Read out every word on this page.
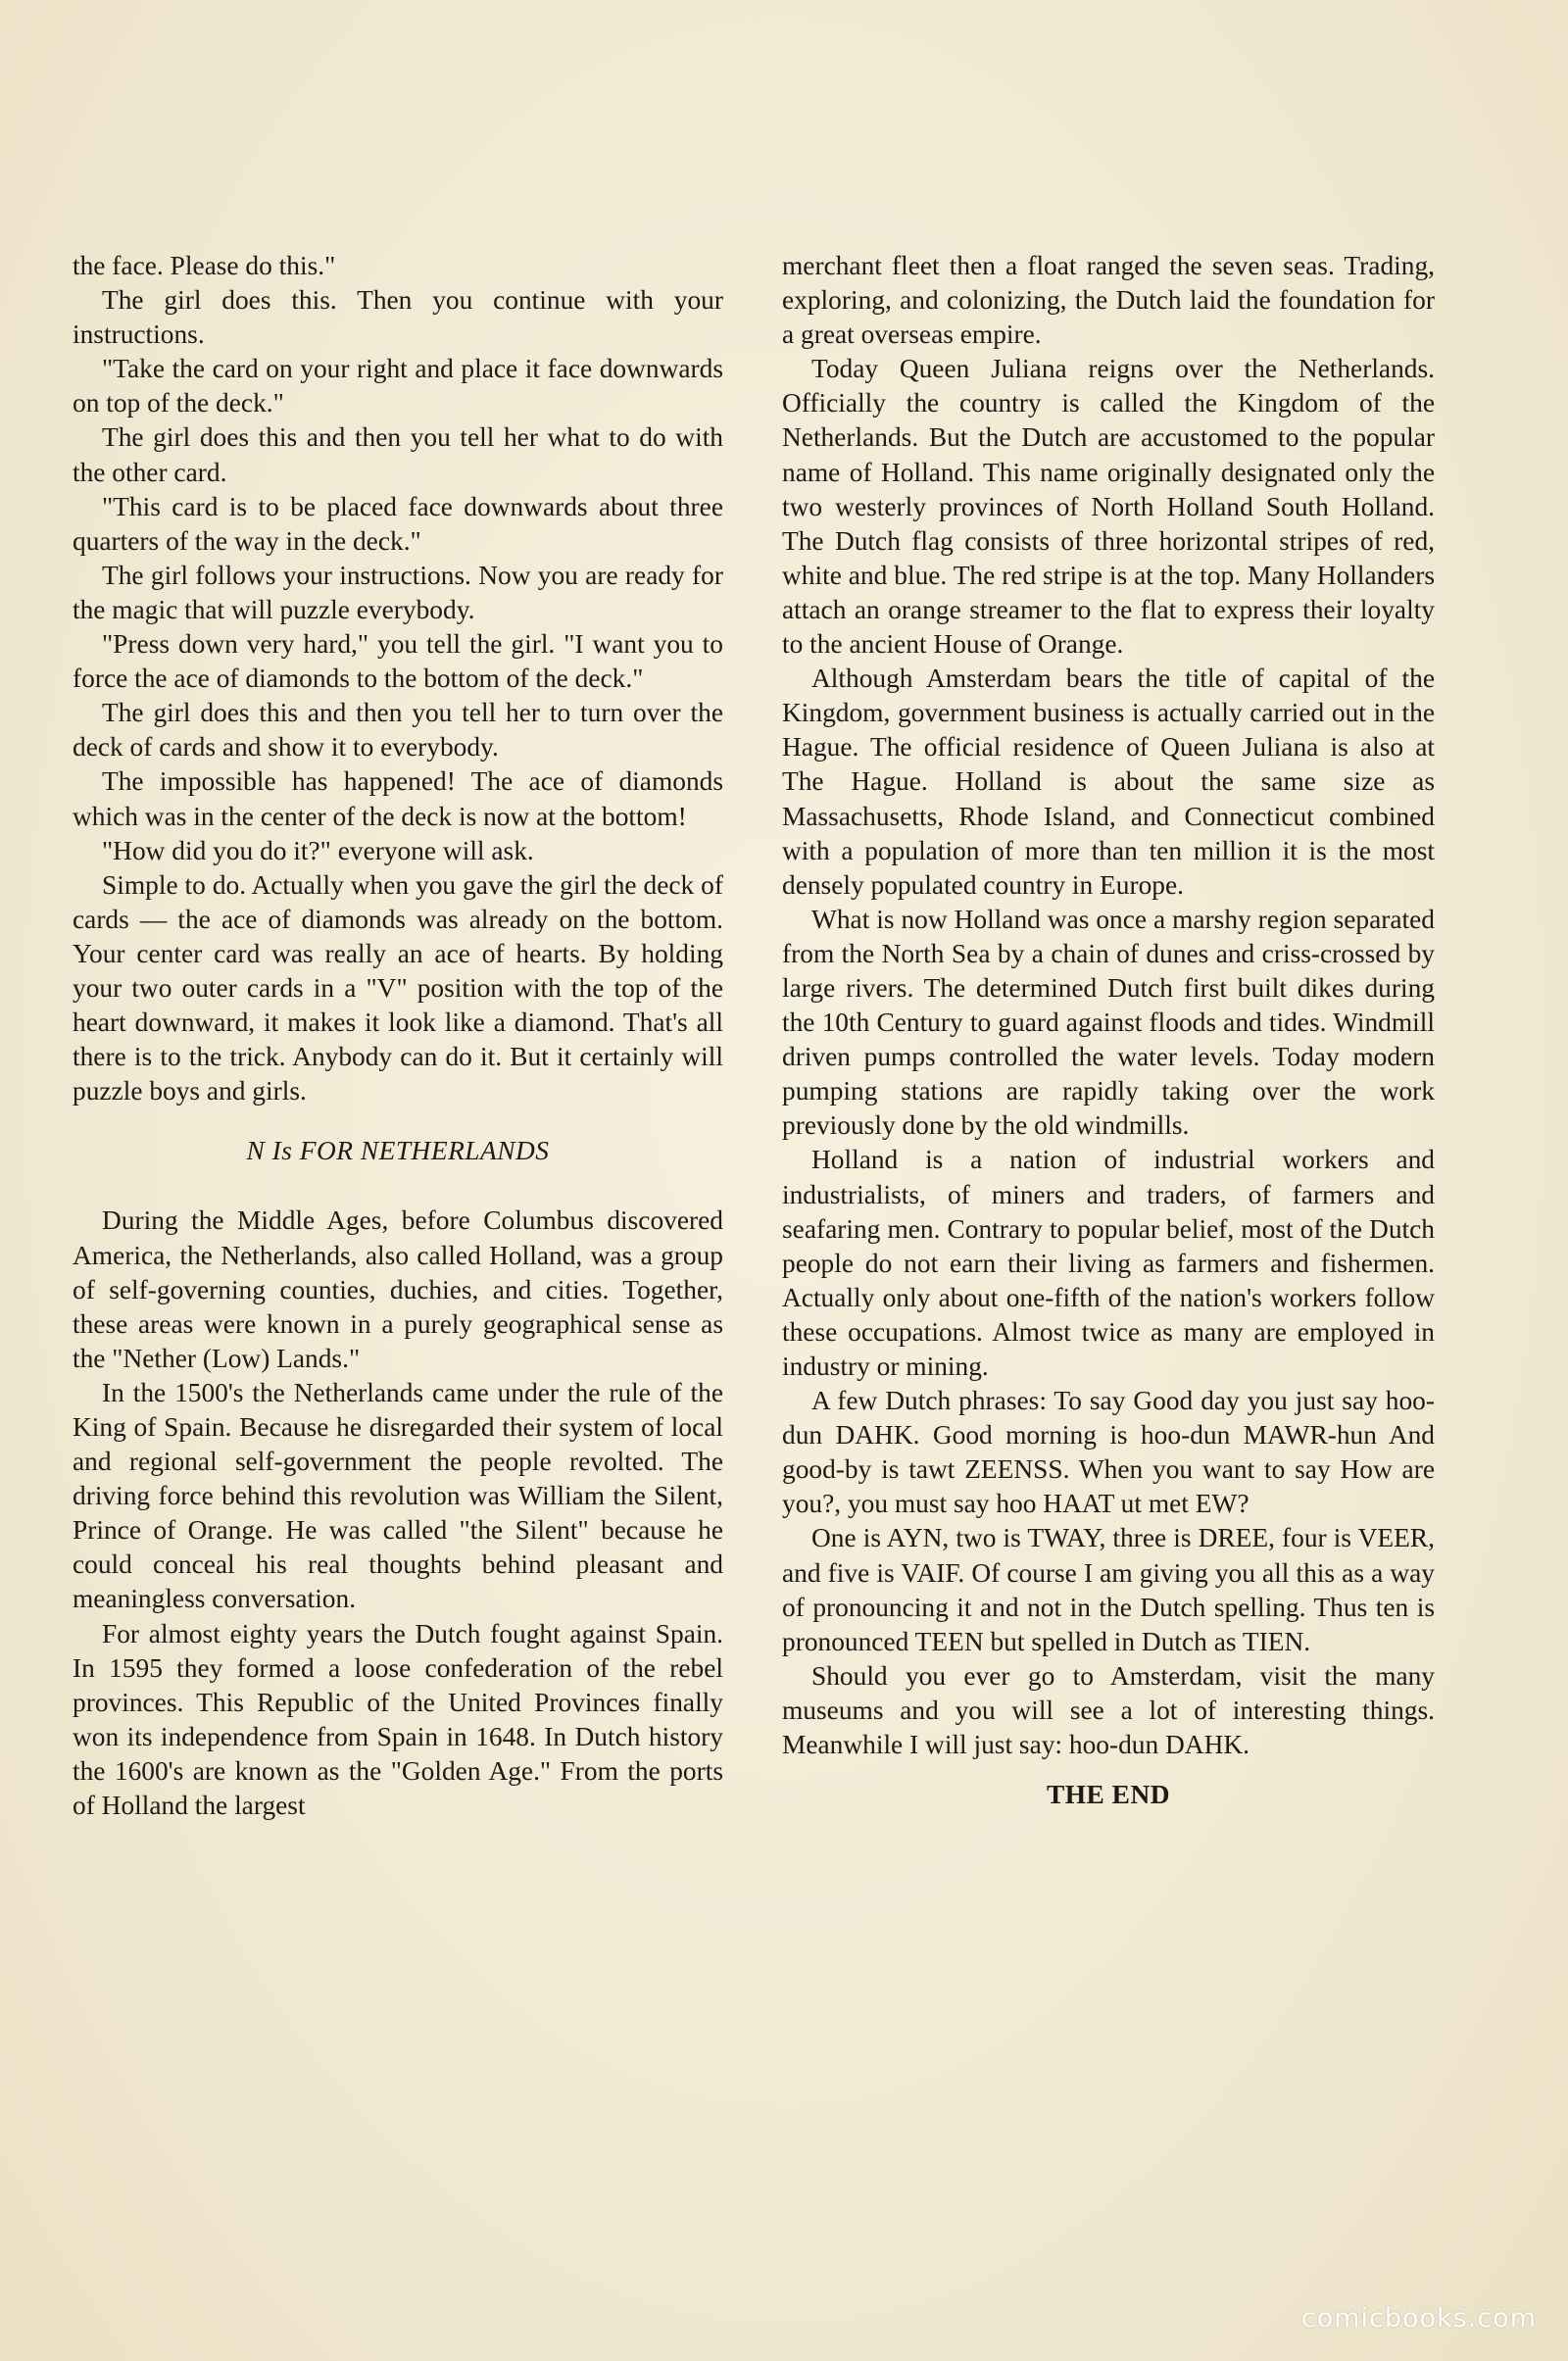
the face. Please do this."

The girl does this. Then you continue with your instructions.

"Take the card on your right and place it face downwards on top of the deck."

The girl does this and then you tell her what to do with the other card.

"This card is to be placed face downwards about three quarters of the way in the deck."

The girl follows your instructions. Now you are ready for the magic that will puzzle everybody.

"Press down very hard," you tell the girl. "I want you to force the ace of diamonds to the bottom of the deck."

The girl does this and then you tell her to turn over the deck of cards and show it to everybody.

The impossible has happened! The ace of diamonds which was in the center of the deck is now at the bottom!

"How did you do it?" everyone will ask.

Simple to do. Actually when you gave the girl the deck of cards — the ace of diamonds was already on the bottom. Your center card was really an ace of hearts. By holding your two outer cards in a "V" position with the top of the heart downward, it makes it look like a diamond. That's all there is to the trick. Anybody can do it. But it certainly will puzzle boys and girls.

N Is FOR NETHERLANDS

During the Middle Ages, before Columbus discovered America, the Netherlands, also called Holland, was a group of self-governing counties, duchies, and cities. Together, these areas were known in a purely geographical sense as the "Nether (Low) Lands."

In the 1500's the Netherlands came under the rule of the King of Spain. Because he disregarded their system of local and regional self-government the people revolted. The driving force behind this revolution was William the Silent, Prince of Orange. He was called "the Silent" because he could conceal his real thoughts behind pleasant and meaningless conversation.

For almost eighty years the Dutch fought against Spain. In 1595 they formed a loose confederation of the rebel provinces. This Republic of the United Provinces finally won its independence from Spain in 1648. In Dutch history the 1600's are known as the "Golden Age." From the ports of Holland the largest

merchant fleet then a float ranged the seven seas. Trading, exploring, and colonizing, the Dutch laid the foundation for a great overseas empire.

Today Queen Juliana reigns over the Netherlands. Officially the country is called the Kingdom of the Netherlands. But the Dutch are accustomed to the popular name of Holland. This name originally designated only the two westerly provinces of North Holland South Holland. The Dutch flag consists of three horizontal stripes of red, white and blue. The red stripe is at the top. Many Hollanders attach an orange streamer to the flat to express their loyalty to the ancient House of Orange.

Although Amsterdam bears the title of capital of the Kingdom, government business is actually carried out in the Hague. The official residence of Queen Juliana is also at The Hague. Holland is about the same size as Massachusetts, Rhode Island, and Connecticut combined with a population of more than ten million it is the most densely populated country in Europe.

What is now Holland was once a marshy region separated from the North Sea by a chain of dunes and criss-crossed by large rivers. The determined Dutch first built dikes during the 10th Century to guard against floods and tides. Windmill driven pumps controlled the water levels. Today modern pumping stations are rapidly taking over the work previously done by the old windmills.

Holland is a nation of industrial workers and industrialists, of miners and traders, of farmers and seafaring men. Contrary to popular belief, most of the Dutch people do not earn their living as farmers and fishermen. Actually only about one-fifth of the nation's workers follow these occupations. Almost twice as many are employed in industry or mining.

A few Dutch phrases: To say Good day you just say hoo-dun DAHK. Good morning is hoo-dun MAWR-hun And good-by is tawt ZEENSS. When you want to say How are you?, you must say hoo HAAT ut met EW?

One is AYN, two is TWAY, three is DREE, four is VEER, and five is VAIF. Of course I am giving you all this as a way of pronouncing it and not in the Dutch spelling. Thus ten is pronounced TEEN but spelled in Dutch as TIEN.

Should you ever go to Amsterdam, visit the many museums and you will see a lot of interesting things. Meanwhile I will just say: hoo-dun DAHK.

THE END

comicbooks.com
